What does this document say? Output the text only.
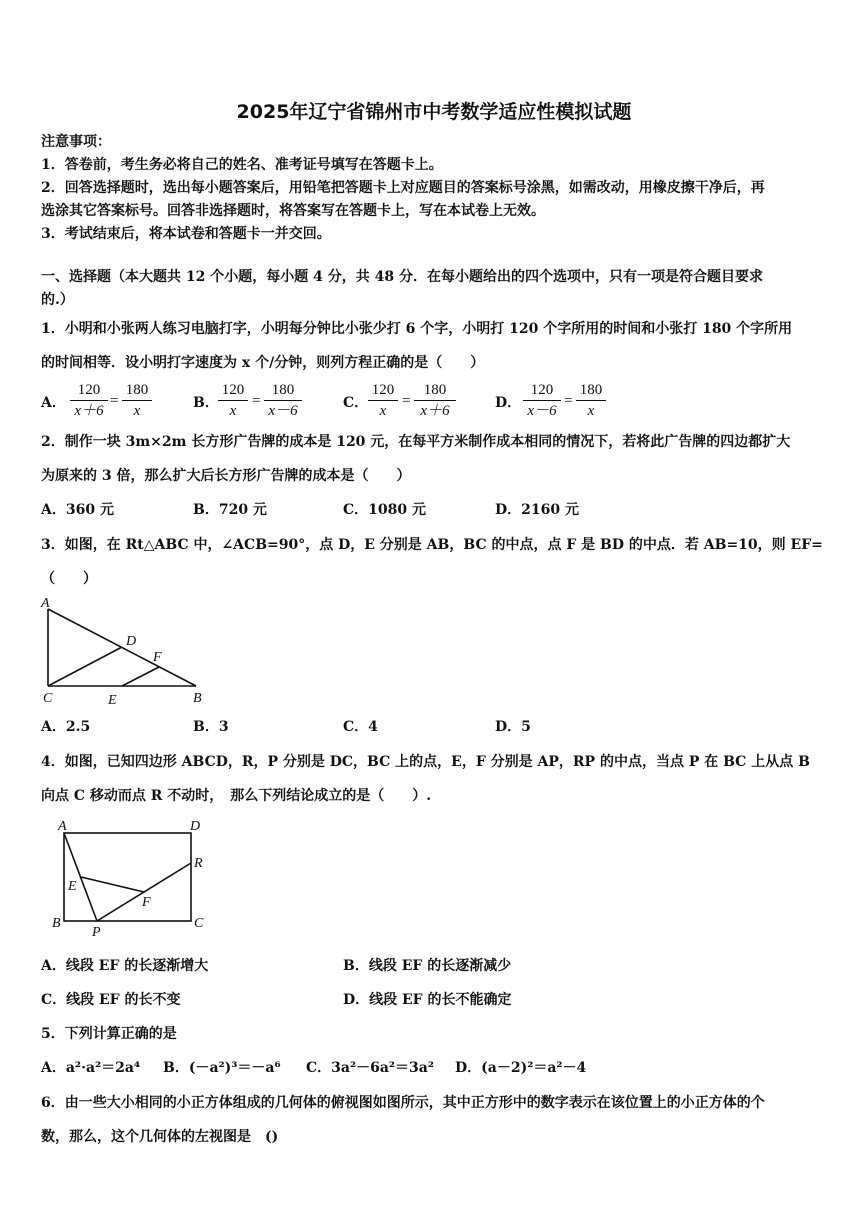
2025年辽宁省锦州市中考数学适应性模拟试题
注意事项：
1．答卷前，考生务必将自己的姓名、准考证号填写在答题卡上。
2．回答选择题时，选出每小题答案后，用铅笔把答题卡上对应题目的答案标号涂黑，如需改动，用橡皮擦干净后，再
选涂其它答案标号。回答非选择题时，将答案写在答题卡上，写在本试卷上无效。
3．考试结束后，将本试卷和答题卡一并交回。
一、选择题（本大题共 12 个小题，每小题 4 分，共 48 分．在每小题给出的四个选项中，只有一项是符合题目要求
的.）
1．小明和小张两人练习电脑打字，小明每分钟比小张少打 6 个字，小明打 120 个字所用的时间和小张打 180 个字所用
的时间相等．设小明打字速度为 x 个/分钟，则列方程正确的是（　　）
A．
120
x＋6
=
180
x	B．
120
x
=
180
x－6	C．
120
x
=
180
x＋6	D．
120
x－6
=
180
x
2．制作一块 3m×2m 长方形广告牌的成本是 120 元，在每平方米制作成本相同的情况下，若将此广告牌的四边都扩大
为原来的 3 倍，那么扩大后长方形广告牌的成本是（　　）
A．360 元	B．720 元	C．1080 元	D．2160 元
3．如图，在 Rt△ABC 中，∠ACB=90°，点 D，E 分别是 AB，BC 的中点，点 F 是 BD 的中点．若 AB=10，则 EF=
（　　）
A
D
F
C	E	B
A．2.5	B．3	C．4	D．5
4．如图，已知四边形 ABCD，R，P 分别是 DC，BC 上的点，E，F 分别是 AP，RP 的中点，当点 P 在 BC 上从点 B
向点 C 移动而点 R 不动时，　那么下列结论成立的是（　　）.
A	D
R
E
F
B
P
C
A．线段 EF 的长逐渐增大	B．线段 EF 的长逐渐减少
C．线段 EF 的长不变	D．线段 EF 的长不能确定
5．下列计算正确的是
A．a²·a²＝2a⁴ B．(－a²)³＝－a⁶ C．3a²－6a²＝3a² D．(a－2)²＝a²－4
6．由一些大小相同的小正方体组成的几何体的俯视图如图所示，其中正方形中的数字表示在该位置上的小正方体的个
数，那么，这个几何体的左视图是　()
